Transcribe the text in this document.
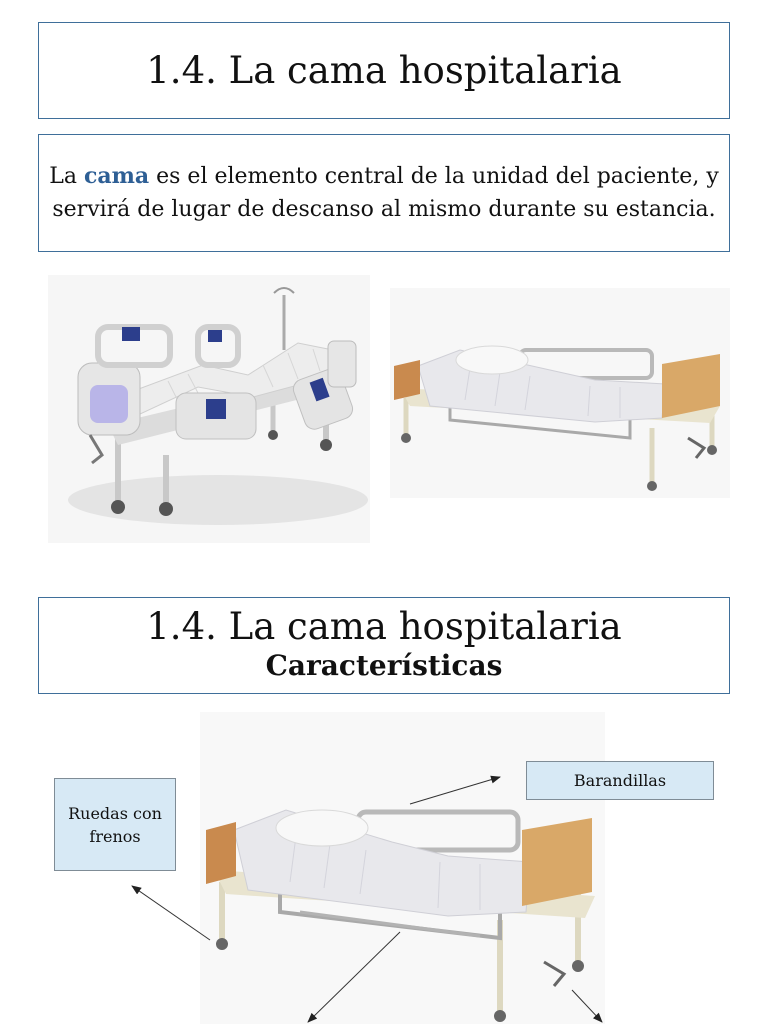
1.4. La cama hospitalaria
La cama es el elemento central de la unidad del paciente, y servirá de lugar de descanso al mismo durante su estancia.
1.4. La cama hospitalaria
Características
Ruedas con frenos
Barandillas
